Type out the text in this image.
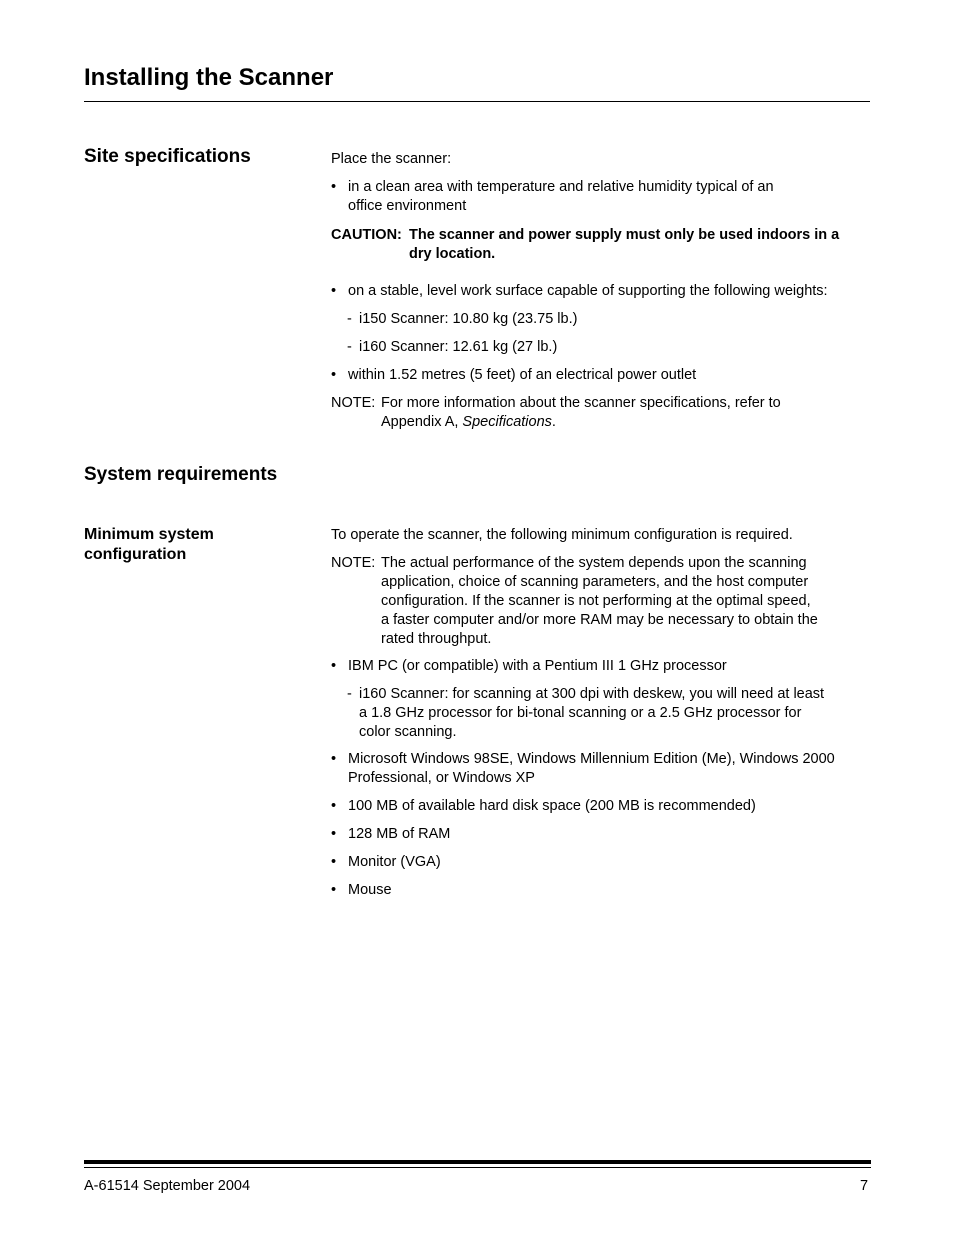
Installing the Scanner
Site specifications	Place the scanner:
• in a clean area with temperature and relative humidity typical of an
office environment
CAUTION: The scanner and power supply must only be used indoors in a
dry location.
• on a stable, level work surface capable of supporting the following weights:
- i150 Scanner: 10.80 kg (23.75 lb.)
- i160 Scanner: 12.61 kg (27 lb.)
• within 1.52 metres (5 feet) of an electrical power outlet
NOTE: For more information about the scanner specifications, refer to
Appendix A, Specifications.
System requirements
Minimum system
configuration
To operate the scanner, the following minimum configuration is required.
NOTE: The actual performance of the system depends upon the scanning
application, choice of scanning parameters, and the host computer
configuration. If the scanner is not performing at the optimal speed,
a faster computer and/or more RAM may be necessary to obtain the
rated throughput.
• IBM PC (or compatible) with a Pentium III 1 GHz processor
- i160 Scanner: for scanning at 300 dpi with deskew, you will need at least
a 1.8 GHz processor for bi-tonal scanning or a 2.5 GHz processor for
color scanning.
• Microsoft Windows 98SE, Windows Millennium Edition (Me), Windows 2000
Professional, or Windows XP
• 100 MB of available hard disk space (200 MB is recommended)
• 128 MB of RAM
• Monitor (VGA)
• Mouse
A-61514 September 2004	7
